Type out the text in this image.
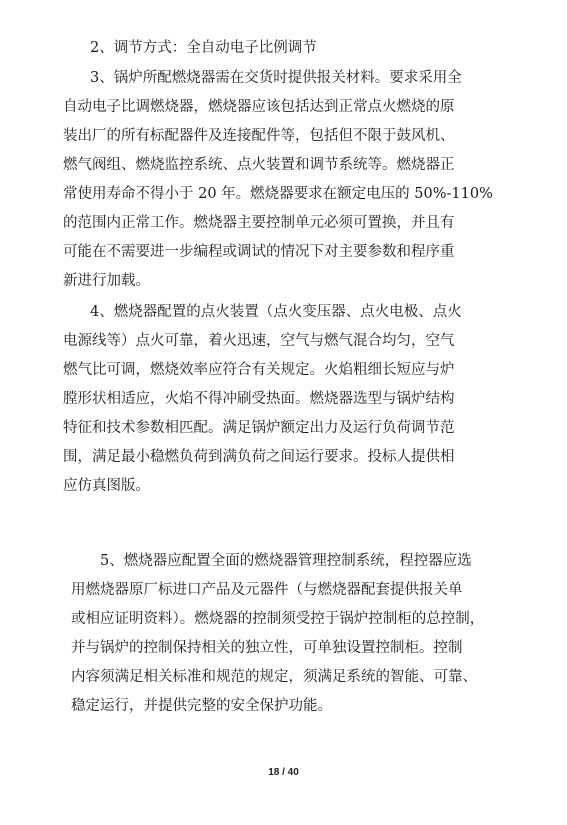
2、调节方式：全自动电子比例调节
3、锅炉所配燃烧器需在交货时提供报关材料。要求采用全
自动电子比调燃烧器，燃烧器应该包括达到正常点火燃烧的原
装出厂的所有标配器件及连接配件等，包括但不限于鼓风机、
燃气阀组、燃烧监控系统、点火装置和调节系统等。燃烧器正
常使用寿命不得小于 20 年。燃烧器要求在额定电压的 50%-110%
的范围内正常工作。燃烧器主要控制单元必须可置换，并且有
可能在不需要进一步编程或调试的情况下对主要参数和程序重
新进行加载。
4、燃烧器配置的点火装置（点火变压器、点火电极、点火
电源线等）点火可靠，着火迅速，空气与燃气混合均匀，空气
燃气比可调，燃烧效率应符合有关规定。火焰粗细长短应与炉
膛形状相适应，火焰不得冲刷受热面。燃烧器选型与锅炉结构
特征和技术参数相匹配。满足锅炉额定出力及运行负荷调节范
围，满足最小稳燃负荷到满负荷之间运行要求。投标人提供相
应仿真图版。
5、燃烧器应配置全面的燃烧器管理控制系统，程控器应选
用燃烧器原厂标进口产品及元器件（与燃烧器配套提供报关单
或相应证明资料）。燃烧器的控制须受控于锅炉控制柜的总控制，
并与锅炉的控制保持相关的独立性，可单独设置控制柜。控制
内容须满足相关标准和规范的规定，须满足系统的智能、可靠、
稳定运行，并提供完整的安全保护功能。
18 / 40
